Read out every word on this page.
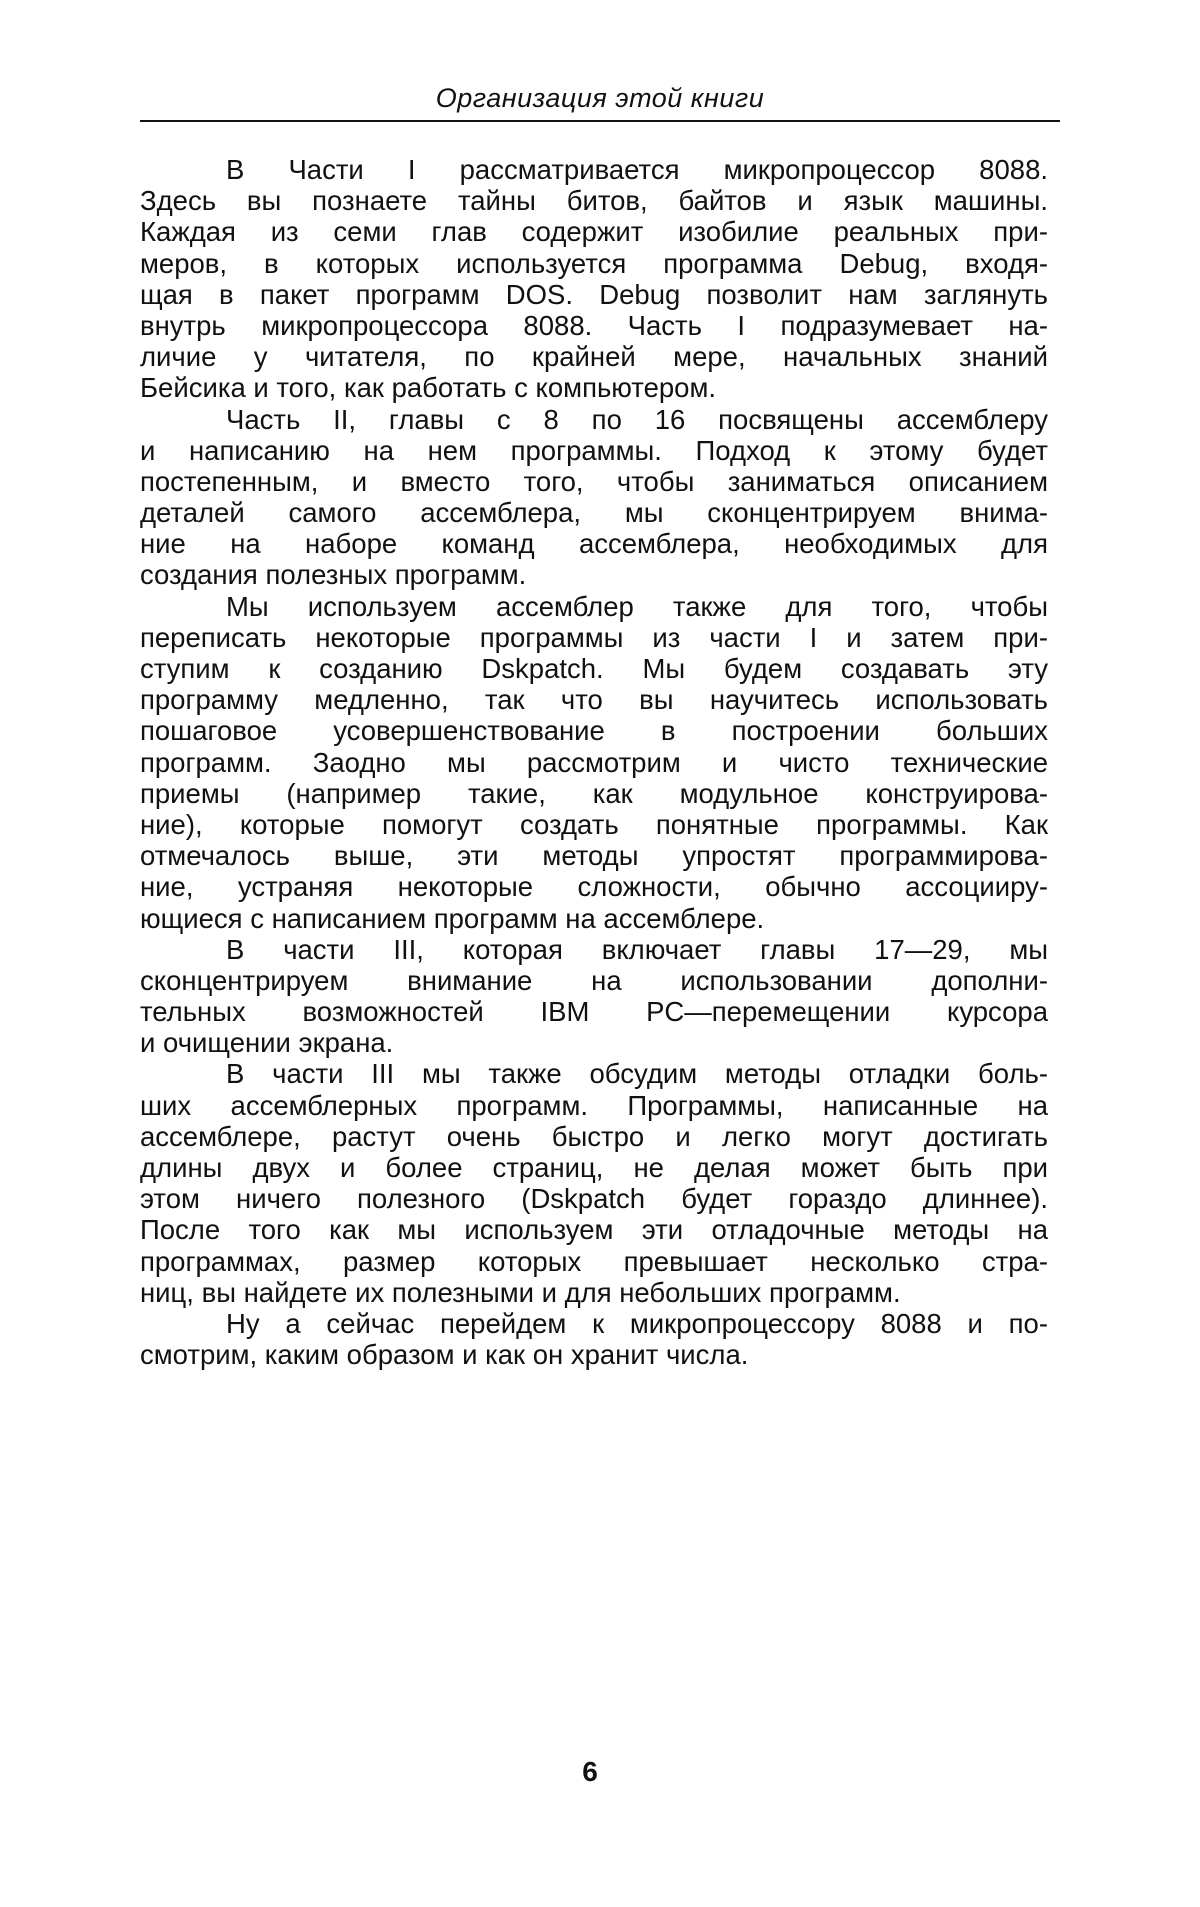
Организация этой книги
В Части I рассматривается микропроцессор 8088.
Здесь вы познаете тайны битов, байтов и язык машины.
Каждая из семи глав содержит изобилие реальных при-
меров, в которых используется программа Debug, входя-
щая в пакет программ DOS. Debug позволит нам заглянуть
внутрь микропроцессора 8088. Часть I подразумевает на-
личие у читателя, по крайней мере, начальных знаний
Бейсика и того, как работать с компьютером.
Часть II, главы с 8 по 16 посвящены ассемблеру
и написанию на нем программы. Подход к этому будет
постепенным, и вместо того, чтобы заниматься описанием
деталей самого ассемблера, мы сконцентрируем внима-
ние на наборе команд ассемблера, необходимых для
создания полезных программ.
Мы используем ассемблер также для того, чтобы
переписать некоторые программы из части I и затем при-
ступим к созданию Dskpatch. Мы будем создавать эту
программу медленно, так что вы научитесь использовать
пошаговое усовершенствование в построении больших
программ. Заодно мы рассмотрим и чисто технические
приемы (например такие, как модульное конструирова-
ние), которые помогут создать понятные программы. Как
отмечалось выше, эти методы упростят программирова-
ние, устраняя некоторые сложности, обычно ассоцииру-
ющиеся с написанием программ на ассемблере.
В части III, которая включает главы 17—29, мы
сконцентрируем внимание на использовании дополни-
тельных возможностей IBM PC—перемещении курсора
и очищении экрана.
В части III мы также обсудим методы отладки боль-
ших ассемблерных программ. Программы, написанные на
ассемблере, растут очень быстро и легко могут достигать
длины двух и более страниц, не делая может быть при
этом ничего полезного (Dskpatch будет гораздо длиннее).
После того как мы используем эти отладочные методы на
программах, размер которых превышает несколько стра-
ниц, вы найдете их полезными и для небольших программ.
Ну а сейчас перейдем к микропроцессору 8088 и по-
смотрим, каким образом и как он хранит числа.
6
